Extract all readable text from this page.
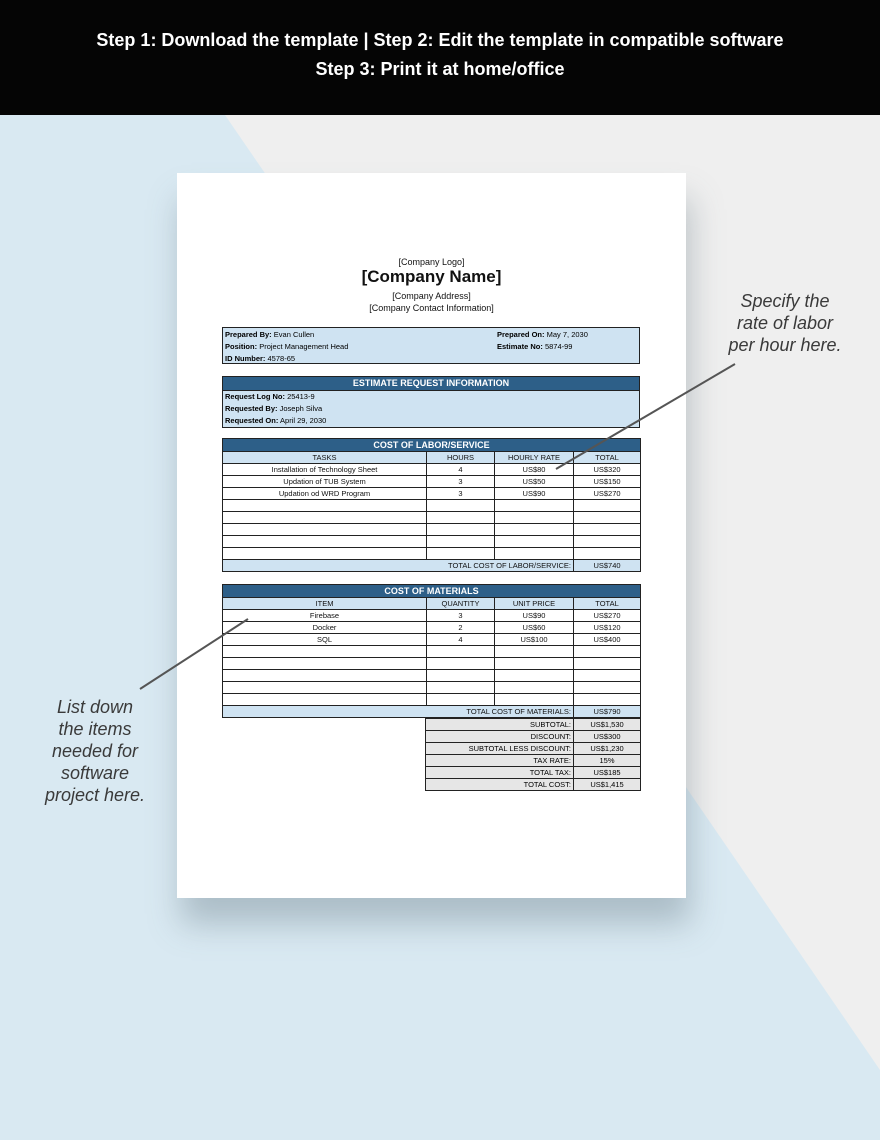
Step 1: Download the template | Step 2: Edit the template in compatible software
Step 3: Print it at home/office
[Company Logo]
[Company Name]
[Company Address]
[Company Contact Information]
Prepared By: Evan Cullen
Position: Project Management Head
ID Number: 4578-65
Prepared On: May 7, 2030
Estimate No: 5874-99
ESTIMATE REQUEST INFORMATION
Request Log No: 25413-9
Requested By: Joseph Silva
Requested On: April 29, 2030
COST OF LABOR/SERVICE			
TASKS	HOURS	HOURLY RATE	TOTAL
Installation of Technology Sheet	4	US$80	US$320
Updation of TUB System	3	US$50	US$150
Updation od WRD Program	3	US$90	US$270

TOTAL COST OF LABOR/SERVICE:			US$740
COST OF MATERIALS			
ITEM	QUANTITY	UNIT PRICE	TOTAL
Firebase	3	US$90	US$270
Docker	2	US$60	US$120
SQL	4	US$100	US$400

TOTAL COST OF MATERIALS:			US$790
SUBTOTAL:	US$1,530
DISCOUNT:	US$300
SUBTOTAL LESS DISCOUNT:	US$1,230
TAX RATE:	15%
TOTAL TAX:	US$185
TOTAL COST:	US$1,415
Specify the
rate of labor
per hour here.
List down
the items
needed for
software
project here.
